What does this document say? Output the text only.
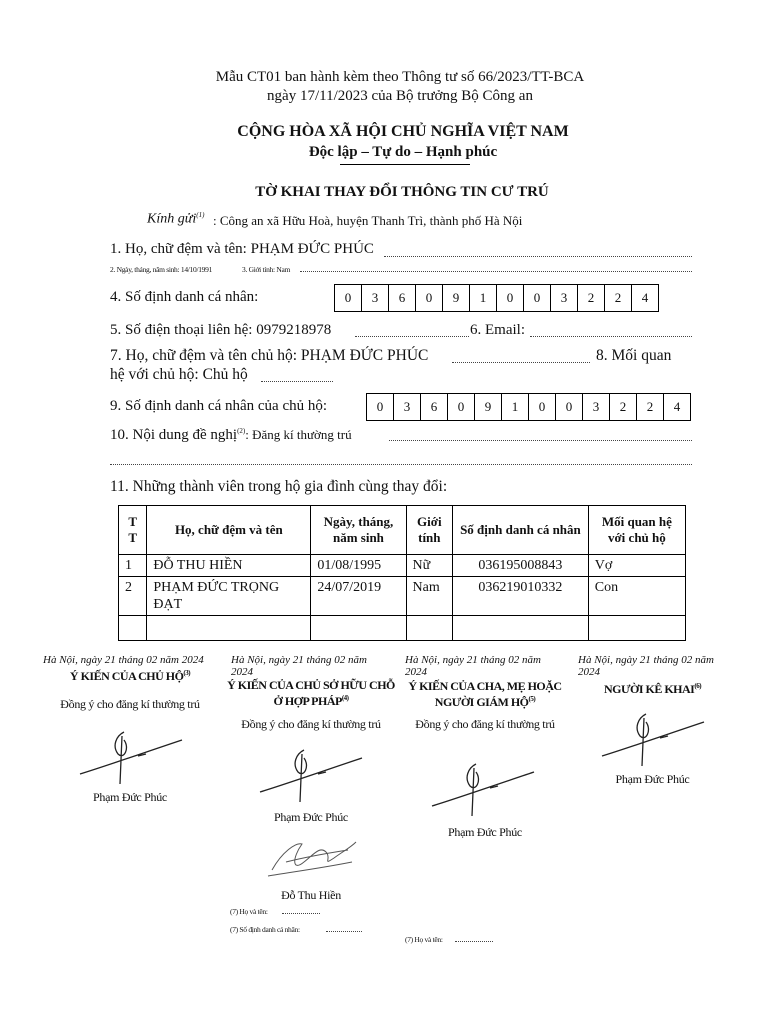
Mẫu CT01 ban hành kèm theo Thông tư số 66/2023/TT-BCA
ngày 17/11/2023 của Bộ trưởng Bộ Công an
CỘNG HÒA XÃ HỘI CHỦ NGHĨA VIỆT NAM
Độc lập – Tự do – Hạnh phúc
TỜ KHAI THAY ĐỔI THÔNG TIN CƯ TRÚ
Kính gửi$^{(1)}$ : Công an xã Hữu Hoà, huyện Thanh Trì, thành phố Hà Nội
1. Họ, chữ đệm và tên: PHẠM ĐỨC PHÚC
2. Ngày, tháng, năm sinh: 14/10/1991	3. Giới tính: Nam
4. Số định danh cá nhân:	0	3	6	0	9	1	0	0	3	2	2	4
5. Số điện thoại liên hệ: 0979218978	6. Email:
7. Họ, chữ đệm và tên chủ hộ: PHẠM ĐỨC PHÚC	8. Mối quan
hệ với chủ hộ: Chủ hộ
9. Số định danh cá nhân của chủ hộ:	0	3	6	0	9	1	0	0	3	2	2	4
10. Nội dung đề nghị$^{(2)}$: Đăng kí thường trú
11. Những thành viên trong hộ gia đình cùng thay đổi:
T T	Họ, chữ đệm và tên	Ngày, tháng, năm sinh	Giới tính	Số định danh cá nhân	Mối quan hệ với chủ hộ
1	ĐỖ THU HIỀN	01/08/1995	Nữ	036195008843	Vợ
2	PHẠM ĐỨC TRỌNG ĐẠT	24/07/2019	Nam	036219010332	Con

Hà Nội, ngày 21 tháng 02 năm 2024
Ý KIẾN CỦA CHỦ HỘ$^{(3)}$
Đồng ý cho đăng kí thường trú
Phạm Đức Phúc
Hà Nội, ngày 21 tháng 02 năm 2024
Ý KIẾN CỦA CHỦ SỞ HỮU CHỖ Ở HỢP PHÁP$^{(4)}$
Đồng ý cho đăng kí thường trú
Phạm Đức Phúc
Đỗ Thu Hiền
(7) Họ và tên:
(7) Số định danh cá nhân:
Hà Nội, ngày 21 tháng 02 năm 2024
Ý KIẾN CỦA CHA, MẸ HOẶC NGƯỜI GIÁM HỘ$^{(5)}$
Đồng ý cho đăng kí thường trú
Phạm Đức Phúc
(7) Họ và tên:
Hà Nội, ngày 21 tháng 02 năm 2024
NGƯỜI KÊ KHAI$^{(6)}$
Phạm Đức Phúc
